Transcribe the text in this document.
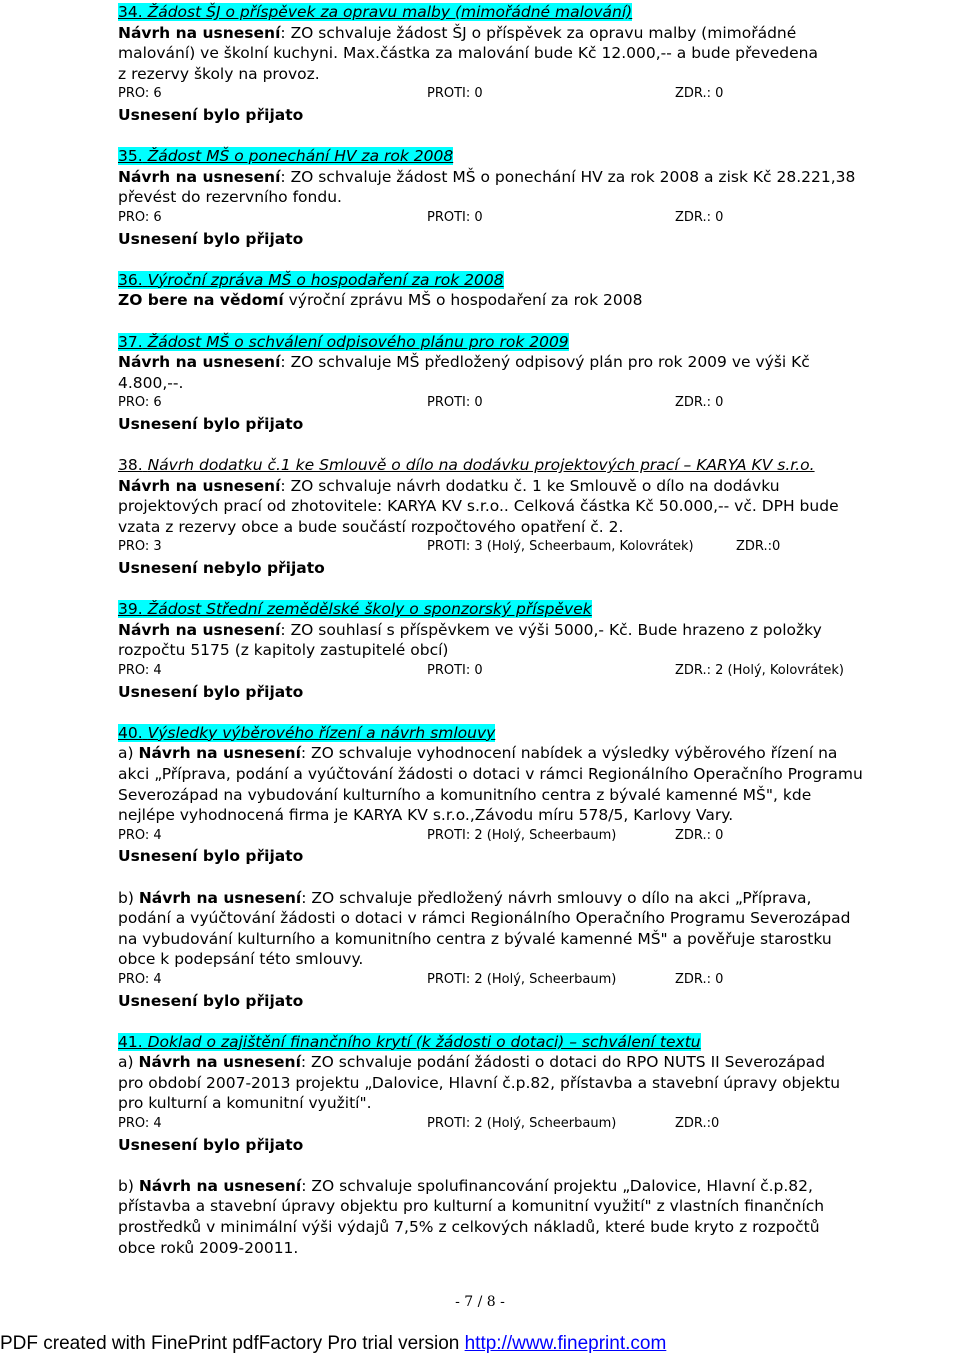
34. Žádost ŠJ o příspěvek za opravu malby (mimořádné malování)
Návrh na usnesení: ZO schvaluje žádost ŠJ o příspěvek za opravu malby (mimořádné
malování) ve školní kuchyni. Max.částka za malování bude Kč 12.000,-- a bude převedena
z rezervy školy na provoz.
PRO: 6	PROTI: 0	ZDR.: 0
Usnesení bylo přijato
35. Žádost MŠ o ponechání HV za rok 2008
Návrh na usnesení: ZO schvaluje žádost MŠ o ponechání HV za rok 2008 a zisk Kč 28.221,38
převést do rezervního fondu.
PRO: 6	PROTI: 0	ZDR.: 0
Usnesení bylo přijato
36. Výroční zpráva MŠ o hospodaření za rok 2008
ZO bere na vědomí výroční zprávu MŠ o hospodaření za rok 2008
37. Žádost MŠ o schválení odpisového plánu pro rok 2009
Návrh na usnesení: ZO schvaluje MŠ předložený odpisový plán pro rok 2009 ve výši Kč
4.800,--.
PRO: 6	PROTI: 0	ZDR.: 0
Usnesení bylo přijato
38. Návrh dodatku č.1 ke Smlouvě o dílo na dodávku projektových prací – KARYA KV s.r.o.
Návrh na usnesení: ZO schvaluje návrh dodatku č. 1 ke Smlouvě o dílo na dodávku
projektových prací od zhotovitele: KARYA KV s.r.o.. Celková částka Kč 50.000,-- vč. DPH bude
vzata z rezervy obce a bude součástí rozpočtového opatření č. 2.
PRO: 3	PROTI: 3 (Holý, Scheerbaum, Kolovrátek)	ZDR.:0
Usnesení nebylo přijato
39. Žádost Střední zemědělské školy o sponzorský příspěvek
Návrh na usnesení: ZO souhlasí s příspěvkem ve výši 5000,- Kč. Bude hrazeno z položky
rozpočtu 5175 (z kapitoly zastupitelé obcí)
PRO: 4	PROTI: 0	ZDR.: 2 (Holý, Kolovrátek)
Usnesení bylo přijato
40. Výsledky výběrového řízení a návrh smlouvy
a) Návrh na usnesení: ZO schvaluje vyhodnocení nabídek a výsledky výběrového řízení na
akci „Příprava, podání a vyúčtování žádosti o dotaci v rámci Regionálního Operačního Programu
Severozápad na vybudování kulturního a komunitního centra z bývalé kamenné MŠ", kde
nejlépe vyhodnocená firma je KARYA KV s.r.o.,Závodu míru 578/5, Karlovy Vary.
PRO: 4	PROTI: 2 (Holý, Scheerbaum)	ZDR.: 0
Usnesení bylo přijato
b) Návrh na usnesení: ZO schvaluje předložený návrh smlouvy o dílo na akci „Příprava,
podání a vyúčtování žádosti o dotaci v rámci Regionálního Operačního Programu Severozápad
na vybudování kulturního a komunitního centra z bývalé kamenné MŠ" a pověřuje starostku
obce k podepsání této smlouvy.
PRO: 4	PROTI: 2 (Holý, Scheerbaum)	ZDR.: 0
Usnesení bylo přijato
41. Doklad o zajištění finančního krytí (k žádosti o dotaci) – schválení textu
a) Návrh na usnesení: ZO schvaluje podání žádosti o dotaci do RPO NUTS II Severozápad
pro období 2007-2013 projektu „Dalovice, Hlavní č.p.82, přístavba a stavební úpravy objektu
pro kulturní a komunitní využití".
PRO: 4	PROTI: 2 (Holý, Scheerbaum)	ZDR.:0
Usnesení bylo přijato
b) Návrh na usnesení: ZO schvaluje spolufinancování projektu „Dalovice, Hlavní č.p.82,
přístavba a stavební úpravy objektu pro kulturní a komunitní využití" z vlastních finančních
prostředků v minimální výši výdajů 7,5% z celkových nákladů, které bude kryto z rozpočtů
obce roků 2009-20011.
- 7 / 8 -
PDF created with FinePrint pdfFactory Pro trial version http://www.fineprint.com
